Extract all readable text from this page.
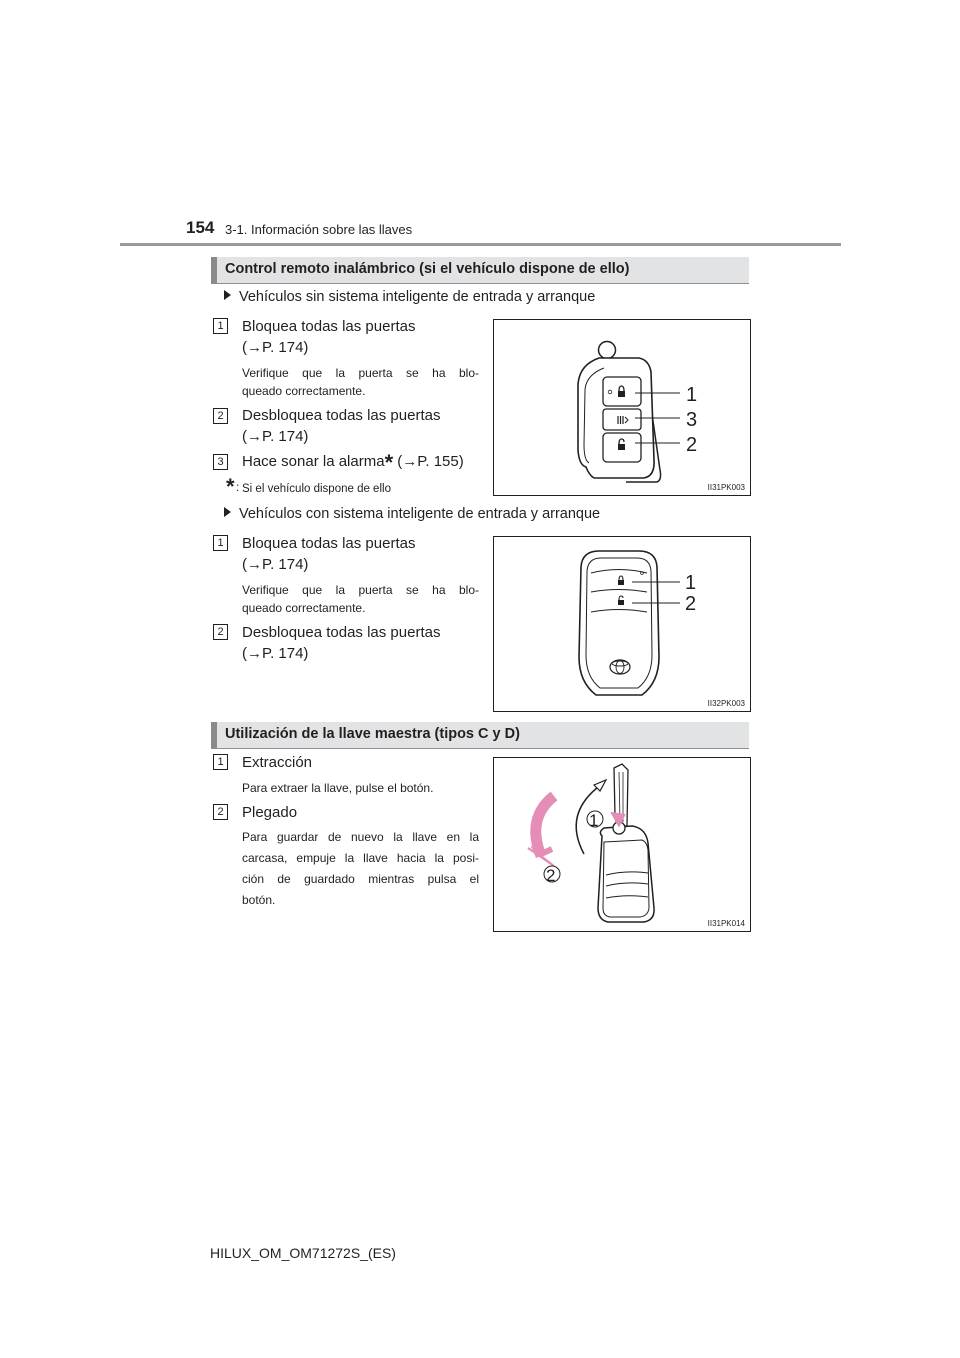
154 3-1. Información sobre las llaves
Control remoto inalámbrico (si el vehículo dispone de ello)
Vehículos sin sistema inteligente de entrada y arranque
1 Bloquea todas las puertas
(→P. 174)
Verifique que la puerta se ha blo-
queado correctamente.
2 Desbloquea todas las puertas
(→P. 174)
3 Hace sonar la alarma* (→P. 155)
* : Si el vehículo dispone de ello
1
3
2
II31PK003
Vehículos con sistema inteligente de entrada y arranque
1 Bloquea todas las puertas
(→P. 174)
Verifique que la puerta se ha blo-
queado correctamente.
2 Desbloquea todas las puertas
(→P. 174)
1
2
II32PK003
Utilización de la llave maestra (tipos C y D)
1 Extracción
Para extraer la llave, pulse el botón.
2 Plegado
Para guardar de nuevo la llave en la
carcasa, empuje la llave hacia la posi-
ción de guardado mientras pulsa el
botón.
1
2
II31PK014
HILUX_OM_OM71272S_(ES)
